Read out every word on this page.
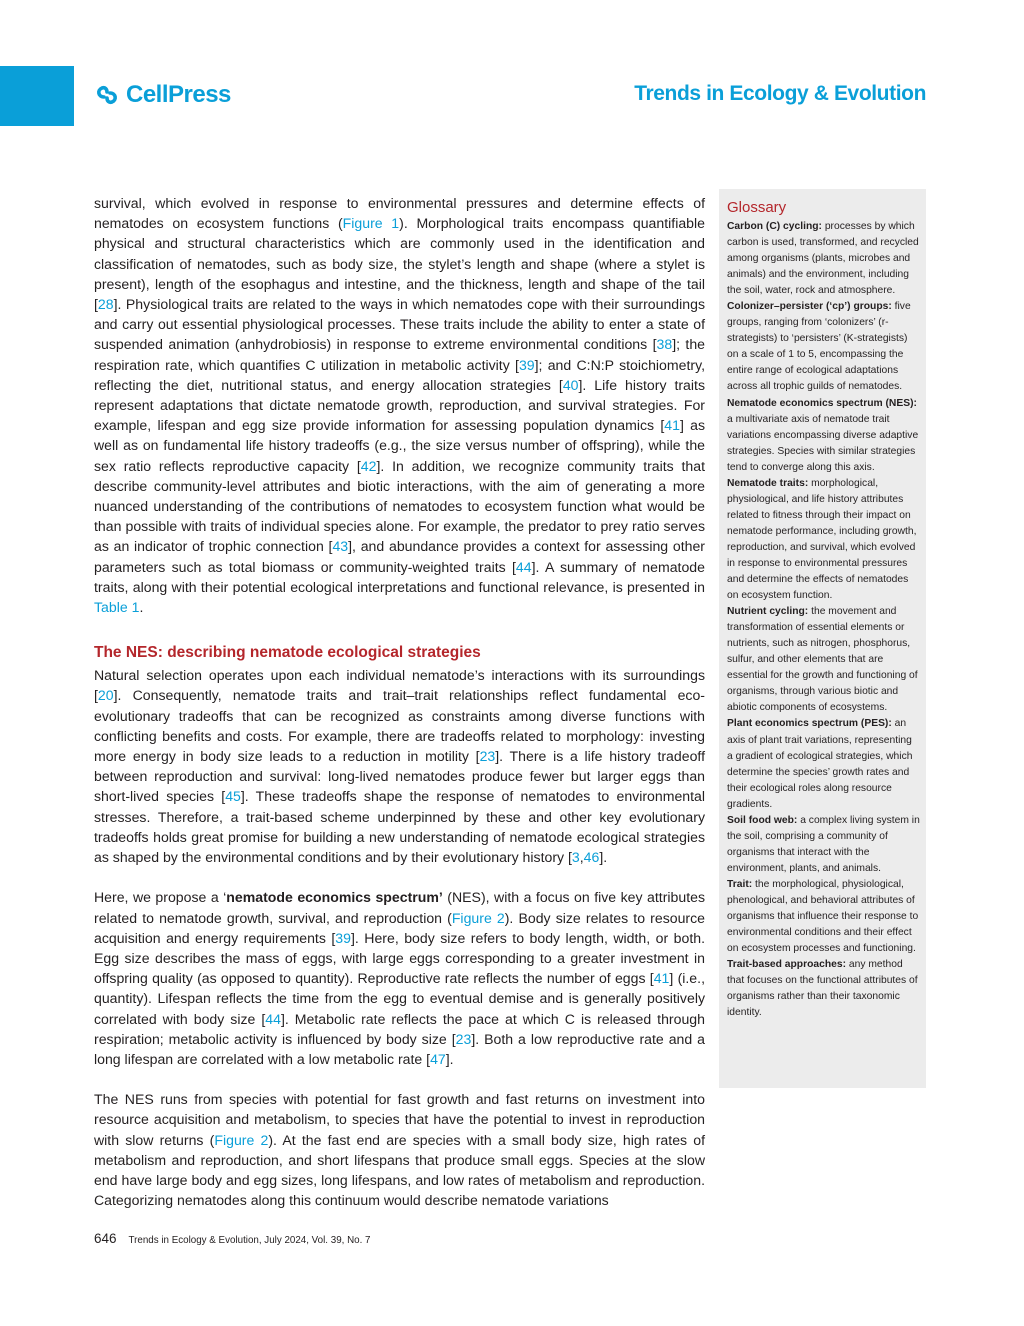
CellPress	Trends in Ecology & Evolution

survival, which evolved in response to environmental pressures and determine effects of nematodes on ecosystem functions (Figure 1). Morphological traits encompass quantifiable physical and structural characteristics which are commonly used in the identification and classification of nematodes, such as body size, the stylet’s length and shape (where a stylet is present), length of the esophagus and intestine, and the thickness, length and shape of the tail [28]. Physiological traits are related to the ways in which nematodes cope with their surroundings and carry out essential physiological processes. These traits include the ability to enter a state of suspended animation (anhydrobiosis) in response to extreme environmental conditions [38]; the respiration rate, which quantifies C utilization in metabolic activity [39]; and C:N:P stoichiometry, reflecting the diet, nutritional status, and energy allocation strategies [40]. Life history traits represent adaptations that dictate nematode growth, reproduction, and survival strategies. For example, lifespan and egg size provide information for assessing population dynamics [41] as well as on fundamental life history tradeoffs (e.g., the size versus number of offspring), while the sex ratio reflects reproductive capacity [42]. In addition, we recognize community traits that describe community-level attributes and biotic interactions, with the aim of generating a more nuanced understanding of the contributions of nematodes to ecosystem function what would be than possible with traits of individual species alone. For example, the predator to prey ratio serves as an indicator of trophic connection [43], and abundance provides a context for assessing other parameters such as total biomass or community-weighted traits [44]. A summary of nematode traits, along with their potential ecological interpretations and functional relevance, is presented in Table 1.

The NES: describing nematode ecological strategies

Natural selection operates upon each individual nematode’s interactions with its surroundings [20]. Consequently, nematode traits and trait–trait relationships reflect fundamental eco-evolutionary tradeoffs that can be recognized as constraints among diverse functions with conflicting benefits and costs. For example, there are tradeoffs related to morphology: investing more energy in body size leads to a reduction in motility [23]. There is a life history tradeoff between reproduction and survival: long-lived nematodes produce fewer but larger eggs than short-lived species [45]. These tradeoffs shape the response of nematodes to environmental stresses. Therefore, a trait-based scheme underpinned by these and other key evolutionary tradeoffs holds great promise for building a new understanding of nematode ecological strategies as shaped by the environmental conditions and by their evolutionary history [3,46].

Here, we propose a ‘nematode economics spectrum’ (NES), with a focus on five key attributes related to nematode growth, survival, and reproduction (Figure 2). Body size relates to resource acquisition and energy requirements [39]. Here, body size refers to body length, width, or both. Egg size describes the mass of eggs, with large eggs corresponding to a greater investment in offspring quality (as opposed to quantity). Reproductive rate reflects the number of eggs [41] (i.e., quantity). Lifespan reflects the time from the egg to eventual demise and is generally positively correlated with body size [44]. Metabolic rate reflects the pace at which C is released through respiration; metabolic activity is influenced by body size [23]. Both a low reproductive rate and a long lifespan are correlated with a low metabolic rate [47].

The NES runs from species with potential for fast growth and fast returns on investment into resource acquisition and metabolism, to species that have the potential to invest in reproduction with slow returns (Figure 2). At the fast end are species with a small body size, high rates of metabolism and reproduction, and short lifespans that produce small eggs. Species at the slow end have large body and egg sizes, long lifespans, and low rates of metabolism and reproduction. Categorizing nematodes along this continuum would describe nematode variations

Glossary

Carbon (C) cycling: processes by which carbon is used, transformed, and recycled among organisms (plants, microbes and animals) and the environment, including the soil, water, rock and atmosphere.

Colonizer–persister (‘cp’) groups: five groups, ranging from ‘colonizers’ (r-strategists) to ‘persisters’ (K-strategists) on a scale of 1 to 5, encompassing the entire range of ecological adaptations across all trophic guilds of nematodes.

Nematode economics spectrum (NES): a multivariate axis of nematode trait variations encompassing diverse adaptive strategies. Species with similar strategies tend to converge along this axis.

Nematode traits: morphological, physiological, and life history attributes related to fitness through their impact on nematode performance, including growth, reproduction, and survival, which evolved in response to environmental pressures and determine the effects of nematodes on ecosystem function.

Nutrient cycling: the movement and transformation of essential elements or nutrients, such as nitrogen, phosphorus, sulfur, and other elements that are essential for the growth and functioning of organisms, through various biotic and abiotic components of ecosystems.

Plant economics spectrum (PES): an axis of plant trait variations, representing a gradient of ecological strategies, which determine the species’ growth rates and their ecological roles along resource gradients.

Soil food web: a complex living system in the soil, comprising a community of organisms that interact with the environment, plants, and animals.

Trait: the morphological, physiological, phenological, and behavioral attributes of organisms that influence their response to environmental conditions and their effect on ecosystem processes and functioning.

Trait-based approaches: any method that focuses on the functional attributes of organisms rather than their taxonomic identity.

646 Trends in Ecology & Evolution, July 2024, Vol. 39, No. 7
